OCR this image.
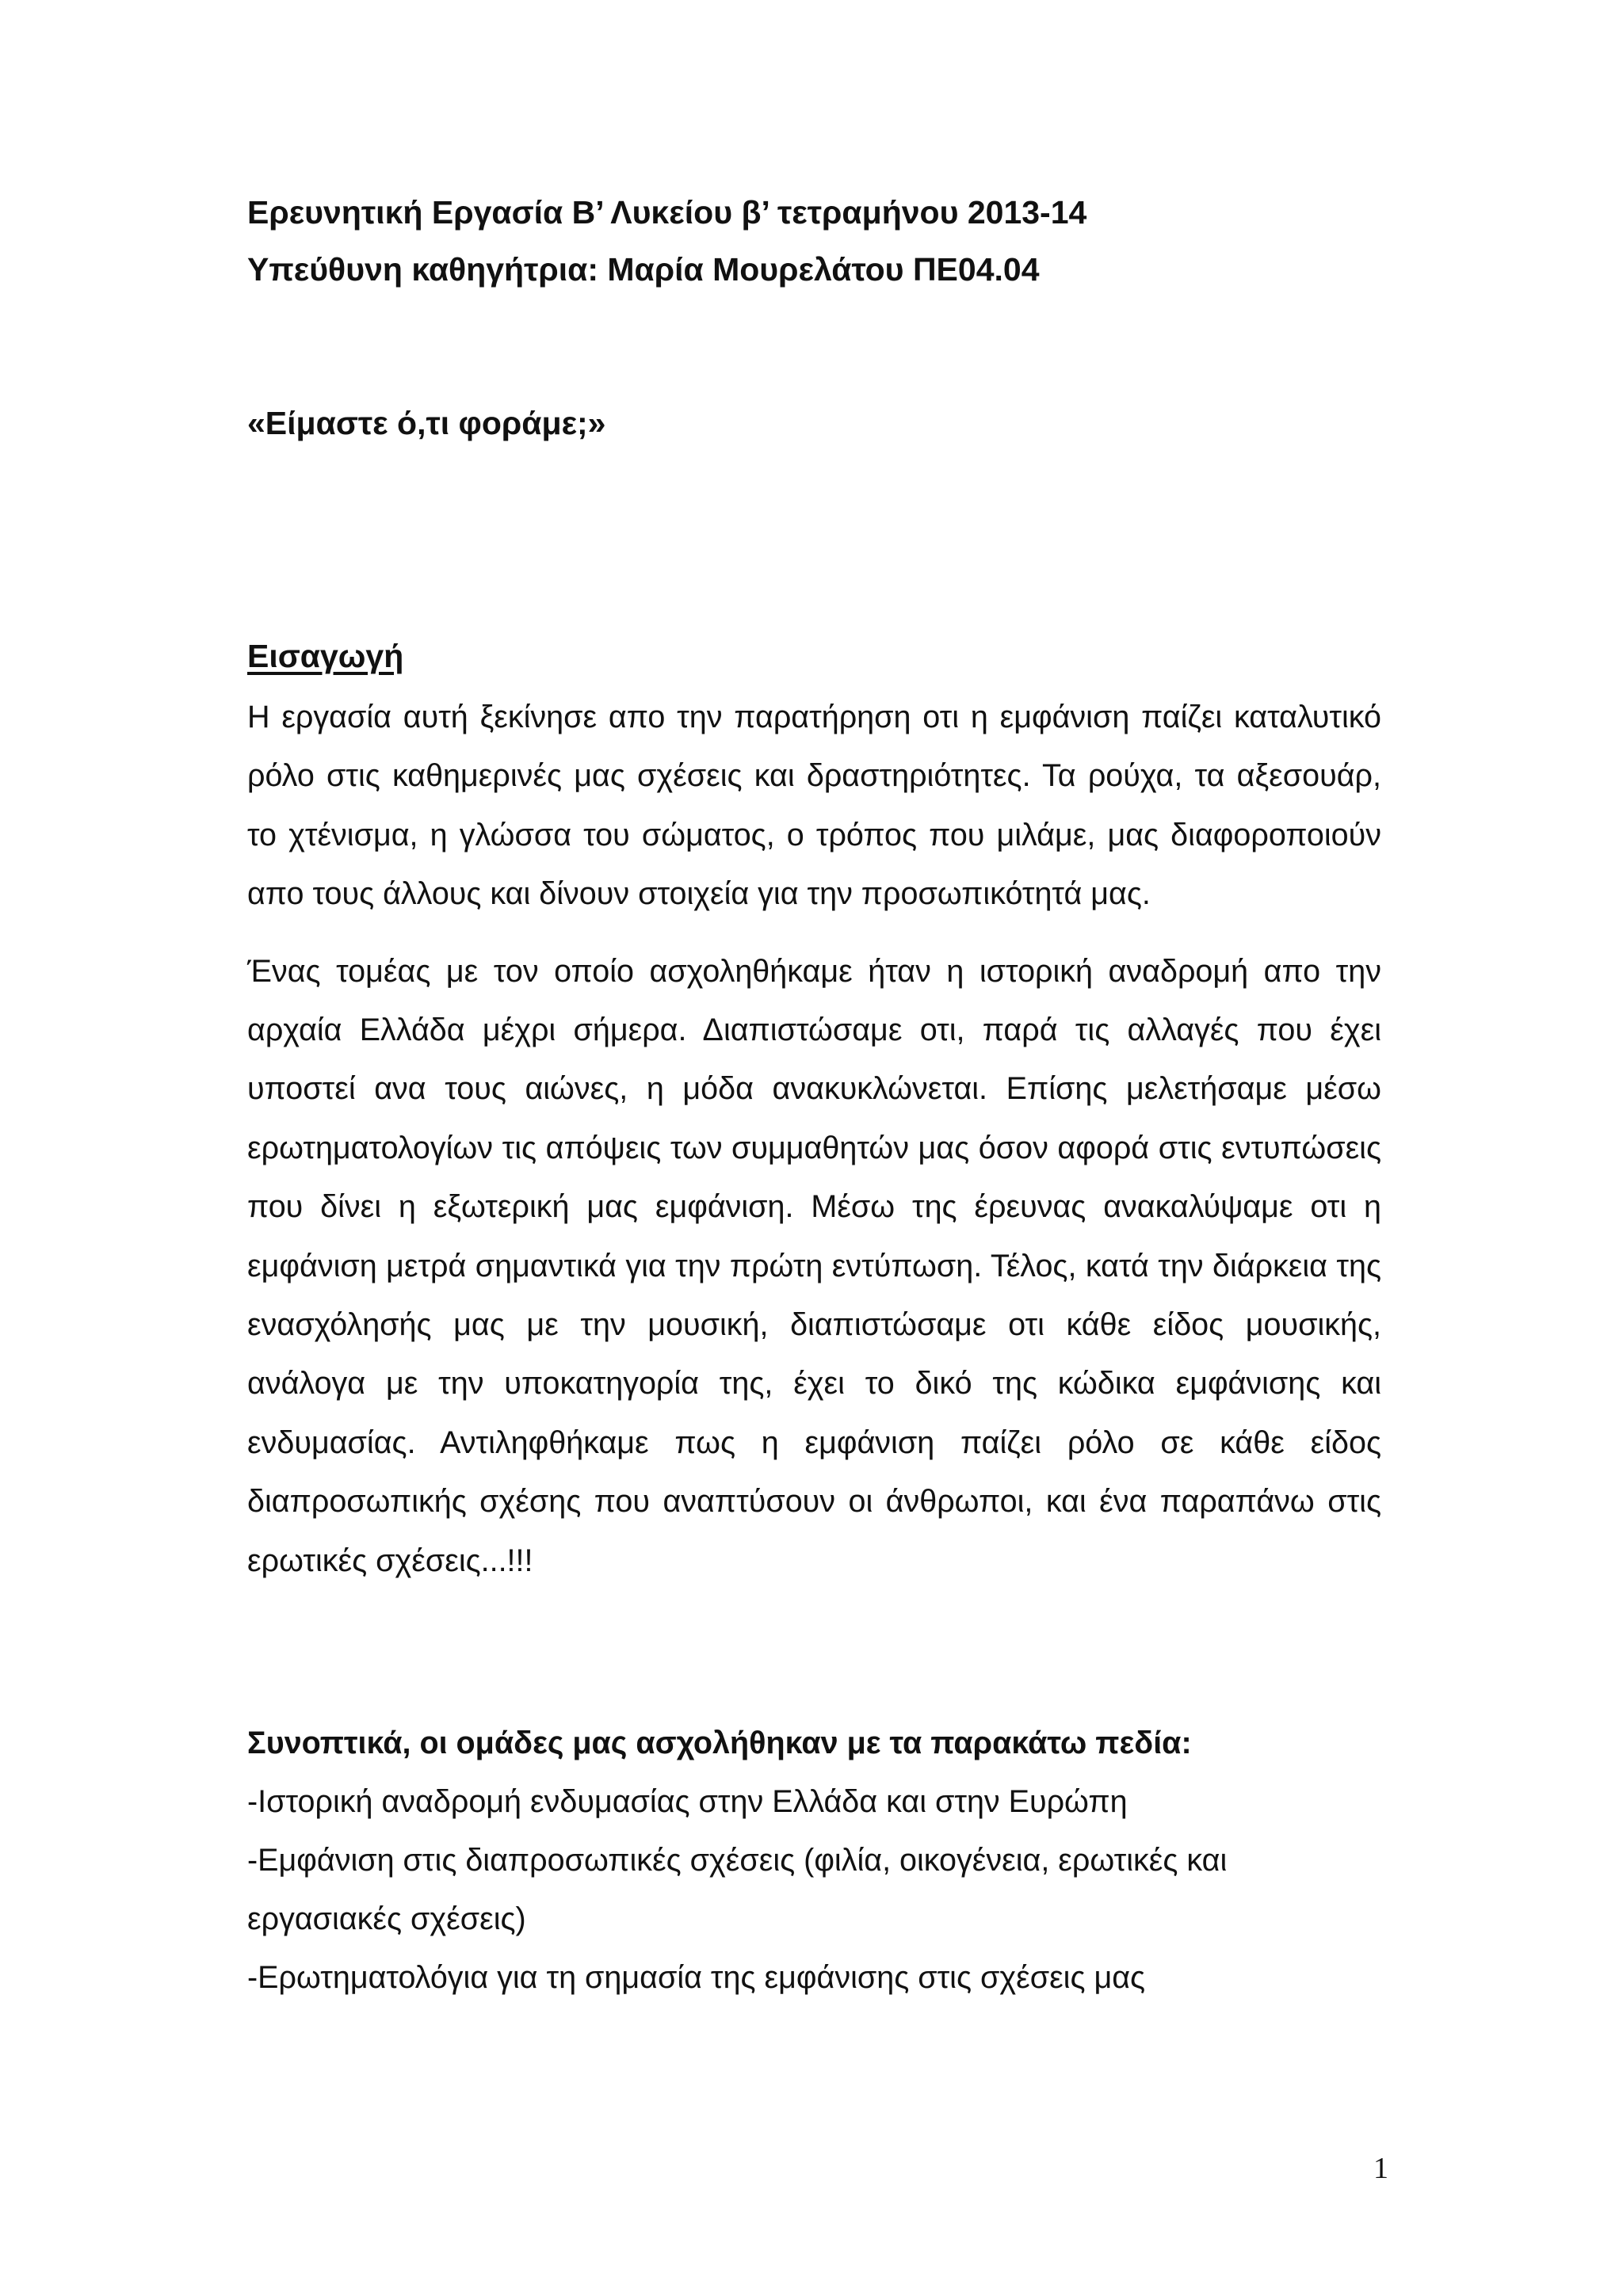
Ερευνητική Εργασία Β’ Λυκείου β’ τετραμήνου 2013-14

Υπεύθυνη καθηγήτρια: Μαρία Μουρελάτου ΠΕ04.04

«Είμαστε ό,τι φοράμε;»

Εισαγωγή

Η εργασία αυτή ξεκίνησε απο την παρατήρηση οτι η εμφάνιση παίζει καταλυτικό ρόλο στις καθημερινές μας σχέσεις και δραστηριότητες. Τα ρούχα, τα αξεσουάρ, το χτένισμα, η γλώσσα του σώματος, ο τρόπος που μιλάμε, μας διαφοροποιούν απο τους άλλους και δίνουν στοιχεία για την προσωπικότητά μας.

Ένας τομέας με τον οποίο ασχοληθήκαμε ήταν η ιστορική αναδρομή απο την αρχαία Ελλάδα μέχρι σήμερα. Διαπιστώσαμε οτι, παρά τις αλλαγές που έχει υποστεί ανα τους αιώνες, η μόδα ανακυκλώνεται. Επίσης μελετήσαμε μέσω ερωτηματολογίων τις απόψεις των συμμαθητών μας όσον αφορά στις εντυπώσεις που δίνει η εξωτερική μας εμφάνιση. Μέσω της έρευνας ανακαλύψαμε οτι η εμφάνιση μετρά σημαντικά για την πρώτη εντύπωση. Τέλος, κατά την διάρκεια της ενασχόλησής μας με την μουσική, διαπιστώσαμε οτι κάθε είδος μουσικής, ανάλογα με την υποκατηγορία της, έχει το δικό της κώδικα εμφάνισης και ενδυμασίας. Αντιληφθήκαμε πως η εμφάνιση παίζει ρόλο σε κάθε είδος διαπροσωπικής σχέσης που αναπτύσουν οι άνθρωποι, και ένα παραπάνω στις ερωτικές σχέσεις...!!!

Συνοπτικά, οι ομάδες μας ασχολήθηκαν με τα παρακάτω πεδία:

-Ιστορική αναδρομή ενδυμασίας στην Ελλάδα και στην Ευρώπη

-Εμφάνιση στις διαπροσωπικές σχέσεις (φιλία, οικογένεια, ερωτικές και εργασιακές σχέσεις)

-Ερωτηματολόγια για τη σημασία της εμφάνισης στις σχέσεις μας

1
